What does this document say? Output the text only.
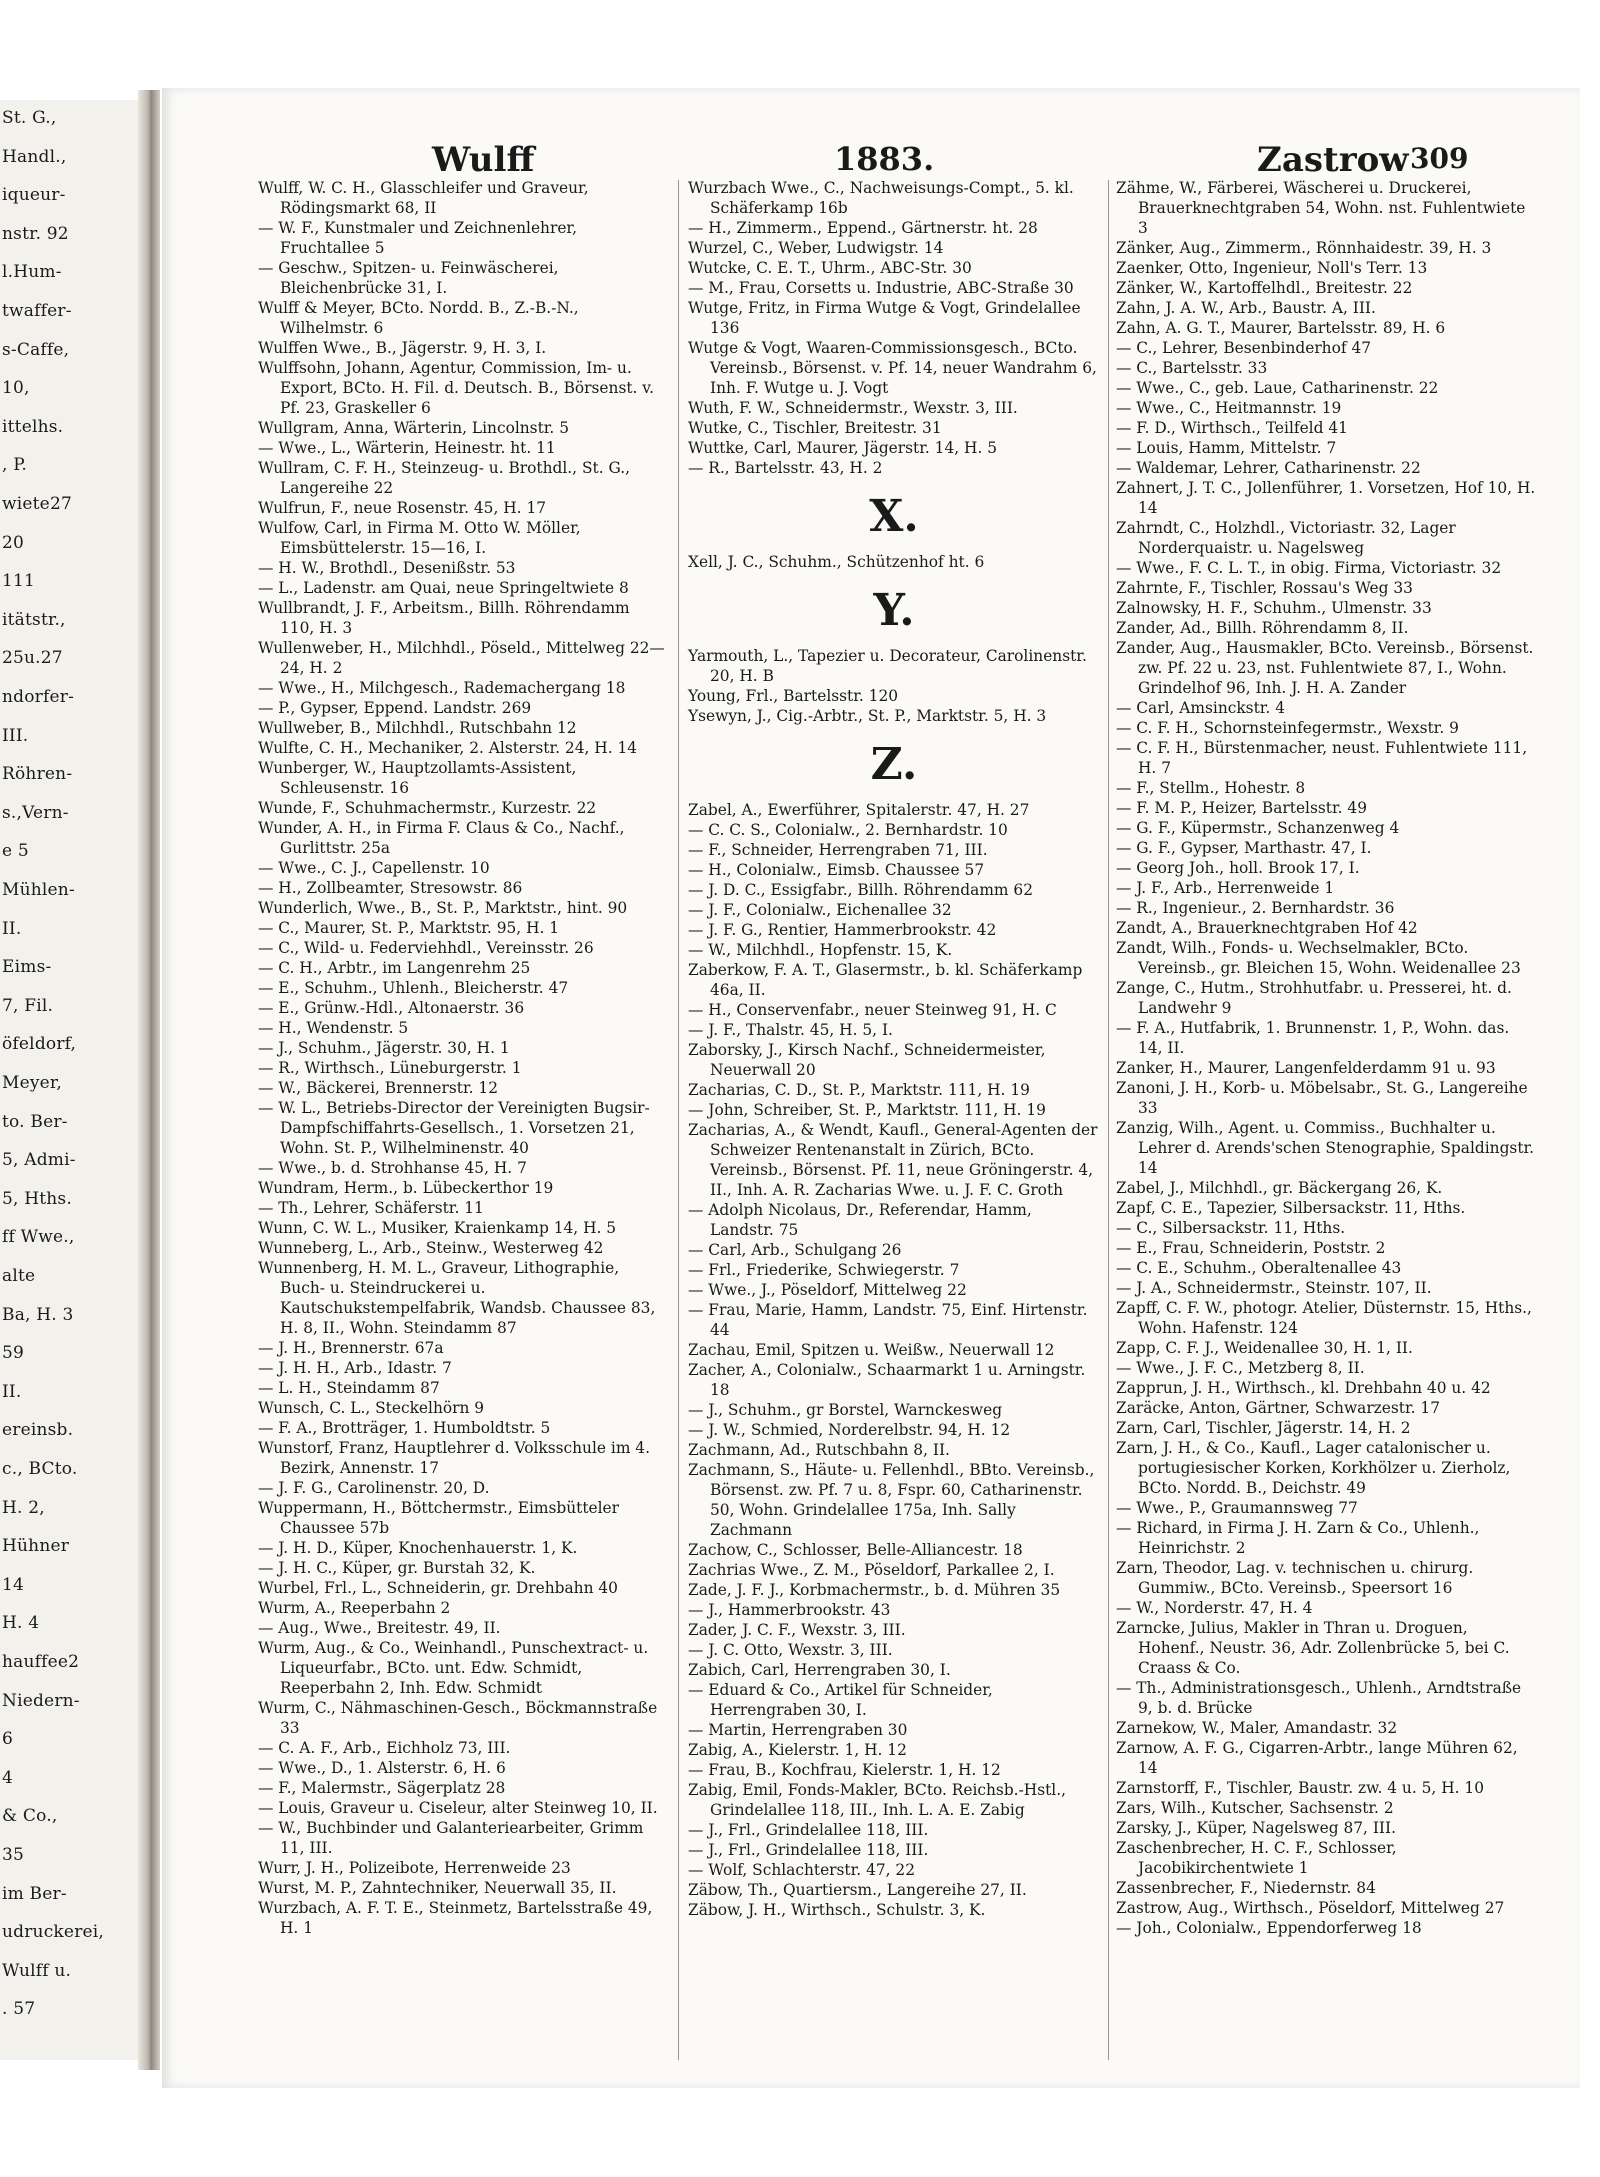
St. G.,
Handl.,
iqueur-
nstr. 92
l.Hum-
twaffer-
s-Caffe,
10,
ittelhs.
, P.
wiete27
20
111
itätstr.,
25u.27
ndorfer-
III.
Röhren-
s.,Vern-
e 5
Mühlen-
II.
Eims-
7, Fil.
öfeldorf,
Meyer,
to. Ber-
5, Admi-
5, Hths.
ff Wwe.,
alte
Ba, H. 3
59
II.
ereinsb.
c., BCto.
H. 2,
Hühner
14
H. 4
hauffee2
Niedern-
6
4
& Co.,
35
im Ber-
udruckerei,
Wulff u.
. 57
Wulff	1883.	Zastrow 309

Wulff, W. C. H., Glasschleifer und Graveur, Rödingsmarkt 68, II

— W. F., Kunstmaler und Zeichnenlehrer, Fruchtallee 5

— Geschw., Spitzen- u. Feinwäscherei, Bleichenbrücke 31, I.

Wulff & Meyer, BCto. Nordd. B., Z.-B.-N., Wilhelmstr. 6

Wulffen Wwe., B., Jägerstr. 9, H. 3, I.

Wulffsohn, Johann, Agentur, Commission, Im- u. Export, BCto. H. Fil. d. Deutsch. B., Börsenst. v. Pf. 23, Graskeller 6

Wullgram, Anna, Wärterin, Lincolnstr. 5

— Wwe., L., Wärterin, Heinestr. ht. 11

Wullram, C. F. H., Steinzeug- u. Brothdl., St. G., Langereihe 22

Wulfrun, F., neue Rosenstr. 45, H. 17

Wulfow, Carl, in Firma M. Otto W. Möller, Eimsbüttelerstr. 15—16, I.

— H. W., Brothdl., Desenißstr. 53

— L., Ladenstr. am Quai, neue Springeltwiete 8

Wullbrandt, J. F., Arbeitsm., Billh. Röhrendamm 110, H. 3

Wullenweber, H., Milchhdl., Pöseld., Mittelweg 22—24, H. 2

— Wwe., H., Milchgesch., Rademachergang 18

— P., Gypser, Eppend. Landstr. 269

Wullweber, B., Milchhdl., Rutschbahn 12

Wulfte, C. H., Mechaniker, 2. Alsterstr. 24, H. 14

Wunberger, W., Hauptzollamts-Assistent, Schleusenstr. 16

Wunde, F., Schuhmachermstr., Kurzestr. 22

Wunder, A. H., in Firma F. Claus & Co., Nachf., Gurlittstr. 25a

— Wwe., C. J., Capellenstr. 10

— H., Zollbeamter, Stresowstr. 86

Wunderlich, Wwe., B., St. P., Marktstr., hint. 90

— C., Maurer, St. P., Marktstr. 95, H. 1

— C., Wild- u. Federviehhdl., Vereinsstr. 26

— C. H., Arbtr., im Langenrehm 25

— E., Schuhm., Uhlenh., Bleicherstr. 47

— E., Grünw.-Hdl., Altonaerstr. 36

— H., Wendenstr. 5

— J., Schuhm., Jägerstr. 30, H. 1

— R., Wirthsch., Lüneburgerstr. 1

— W., Bäckerei, Brennerstr. 12

— W. L., Betriebs-Director der Vereinigten Bugsir-Dampfschiffahrts-Gesellsch., 1. Vorsetzen 21, Wohn. St. P., Wilhelminenstr. 40

— Wwe., b. d. Strohhanse 45, H. 7

Wundram, Herm., b. Lübeckerthor 19

— Th., Lehrer, Schäferstr. 11

Wunn, C. W. L., Musiker, Kraienkamp 14, H. 5

Wunneberg, L., Arb., Steinw., Westerweg 42

Wunnenberg, H. M. L., Graveur, Lithographie, Buch- u. Steindruckerei u. Kautschukstempelfabrik, Wandsb. Chaussee 83, H. 8, II., Wohn. Steindamm 87

— J. H., Brennerstr. 67a

— J. H. H., Arb., Idastr. 7

— L. H., Steindamm 87

Wunsch, C. L., Steckelhörn 9

— F. A., Brotträger, 1. Humboldtstr. 5

Wunstorf, Franz, Hauptlehrer d. Volksschule im 4. Bezirk, Annenstr. 17

— J. F. G., Carolinenstr. 20, D.

Wuppermann, H., Böttchermstr., Eimsbütteler Chaussee 57b

— J. H. D., Küper, Knochenhauerstr. 1, K.

— J. H. C., Küper, gr. Burstah 32, K.

Wurbel, Frl., L., Schneiderin, gr. Drehbahn 40

Wurm, A., Reeperbahn 2

— Aug., Wwe., Breitestr. 49, II.

Wurm, Aug., & Co., Weinhandl., Punschextract- u. Liqueurfabr., BCto. unt. Edw. Schmidt, Reeperbahn 2, Inh. Edw. Schmidt

Wurm, C., Nähmaschinen-Gesch., Böckmannstraße 33

— C. A. F., Arb., Eichholz 73, III.

— Wwe., D., 1. Alsterstr. 6, H. 6

— F., Malermstr., Sägerplatz 28

— Louis, Graveur u. Ciseleur, alter Steinweg 10, II.

— W., Buchbinder und Galanteriearbeiter, Grimm 11, III.

Wurr, J. H., Polizeibote, Herrenweide 23

Wurst, M. P., Zahntechniker, Neuerwall 35, II.

Wurzbach, A. F. T. E., Steinmetz, Bartelsstraße 49, H. 1

Wurzbach Wwe., C., Nachweisungs-Compt., 5. kl. Schäferkamp 16b

— H., Zimmerm., Eppend., Gärtnerstr. ht. 28

Wurzel, C., Weber, Ludwigstr. 14

Wutcke, C. E. T., Uhrm., ABC-Str. 30

— M., Frau, Corsetts u. Industrie, ABC-Straße 30

Wutge, Fritz, in Firma Wutge & Vogt, Grindelallee 136

Wutge & Vogt, Waaren-Commissionsgesch., BCto. Vereinsb., Börsenst. v. Pf. 14, neuer Wandrahm 6, Inh. F. Wutge u. J. Vogt

Wuth, F. W., Schneidermstr., Wexstr. 3, III.

Wutke, C., Tischler, Breitestr. 31

Wuttke, Carl, Maurer, Jägerstr. 14, H. 5

— R., Bartelsstr. 43, H. 2

X.

Xell, J. C., Schuhm., Schützenhof ht. 6

Y.

Yarmouth, L., Tapezier u. Decorateur, Carolinenstr. 20, H. B

Young, Frl., Bartelsstr. 120

Ysewyn, J., Cig.-Arbtr., St. P., Marktstr. 5, H. 3

Z.

Zabel, A., Ewerführer, Spitalerstr. 47, H. 27

— C. C. S., Colonialw., 2. Bernhardstr. 10

— F., Schneider, Herrengraben 71, III.

— H., Colonialw., Eimsb. Chaussee 57

— J. D. C., Essigfabr., Billh. Röhrendamm 62

— J. F., Colonialw., Eichenallee 32

— J. F. G., Rentier, Hammerbrookstr. 42

— W., Milchhdl., Hopfenstr. 15, K.

Zaberkow, F. A. T., Glasermstr., b. kl. Schäferkamp 46a, II.

— H., Conservenfabr., neuer Steinweg 91, H. C

— J. F., Thalstr. 45, H. 5, I.

Zaborsky, J., Kirsch Nachf., Schneidermeister, Neuerwall 20

Zacharias, C. D., St. P., Marktstr. 111, H. 19

— John, Schreiber, St. P., Marktstr. 111, H. 19

Zacharias, A., & Wendt, Kaufl., General-Agenten der Schweizer Rentenanstalt in Zürich, BCto. Vereinsb., Börsenst. Pf. 11, neue Gröningerstr. 4, II., Inh. A. R. Zacharias Wwe. u. J. F. C. Groth

— Adolph Nicolaus, Dr., Referendar, Hamm, Landstr. 75

— Carl, Arb., Schulgang 26

— Frl., Friederike, Schwiegerstr. 7

— Wwe., J., Pöseldorf, Mittelweg 22

— Frau, Marie, Hamm, Landstr. 75, Einf. Hirtenstr. 44

Zachau, Emil, Spitzen u. Weißw., Neuerwall 12

Zacher, A., Colonialw., Schaarmarkt 1 u. Arningstr. 18

— J., Schuhm., gr Borstel, Warnckesweg

— J. W., Schmied, Norderelbstr. 94, H. 12

Zachmann, Ad., Rutschbahn 8, II.

Zachmann, S., Häute- u. Fellenhdl., BBto. Vereinsb., Börsenst. zw. Pf. 7 u. 8, Fspr. 60, Catharinenstr. 50, Wohn. Grindelallee 175a, Inh. Sally Zachmann

Zachow, C., Schlosser, Belle-Alliancestr. 18

Zachrias Wwe., Z. M., Pöseldorf, Parkallee 2, I.

Zade, J. F. J., Korbmachermstr., b. d. Mühren 35

— J., Hammerbrookstr. 43

Zader, J. C. F., Wexstr. 3, III.

— J. C. Otto, Wexstr. 3, III.

Zabich, Carl, Herrengraben 30, I.

— Eduard & Co., Artikel für Schneider, Herrengraben 30, I.

— Martin, Herrengraben 30

Zabig, A., Kielerstr. 1, H. 12

— Frau, B., Kochfrau, Kielerstr. 1, H. 12

Zabig, Emil, Fonds-Makler, BCto. Reichsb.-Hstl., Grindelallee 118, III., Inh. L. A. E. Zabig

— J., Frl., Grindelallee 118, III.

— J., Frl., Grindelallee 118, III.

— Wolf, Schlachterstr. 47, 22

Zäbow, Th., Quartiersm., Langereihe 27, II.

Zäbow, J. H., Wirthsch., Schulstr. 3, K.

Zähme, W., Färberei, Wäscherei u. Druckerei, Brauerknechtgraben 54, Wohn. nst. Fuhlentwiete 3

Zänker, Aug., Zimmerm., Rönnhaidestr. 39, H. 3

Zaenker, Otto, Ingenieur, Noll's Terr. 13

Zänker, W., Kartoffelhdl., Breitestr. 22

Zahn, J. A. W., Arb., Baustr. A, III.

Zahn, A. G. T., Maurer, Bartelsstr. 89, H. 6

— C., Lehrer, Besenbinderhof 47

— C., Bartelsstr. 33

— Wwe., C., geb. Laue, Catharinenstr. 22

— Wwe., C., Heitmannstr. 19

— F. D., Wirthsch., Teilfeld 41

— Louis, Hamm, Mittelstr. 7

— Waldemar, Lehrer, Catharinenstr. 22

Zahnert, J. T. C., Jollenführer, 1. Vorsetzen, Hof 10, H. 14

Zahrndt, C., Holzhdl., Victoriastr. 32, Lager Norderquaistr. u. Nagelsweg

— Wwe., F. C. L. T., in obig. Firma, Victoriastr. 32

Zahrnte, F., Tischler, Rossau's Weg 33

Zalnowsky, H. F., Schuhm., Ulmenstr. 33

Zander, Ad., Billh. Röhrendamm 8, II.

Zander, Aug., Hausmakler, BCto. Vereinsb., Börsenst. zw. Pf. 22 u. 23, nst. Fuhlentwiete 87, I., Wohn. Grindelhof 96, Inh. J. H. A. Zander

— Carl, Amsinckstr. 4

— C. F. H., Schornsteinfegermstr., Wexstr. 9

— C. F. H., Bürstenmacher, neust. Fuhlentwiete 111, H. 7

— F., Stellm., Hohestr. 8

— F. M. P., Heizer, Bartelsstr. 49

— G. F., Küpermstr., Schanzenweg 4

— G. F., Gypser, Marthastr. 47, I.

— Georg Joh., holl. Brook 17, I.

— J. F., Arb., Herrenweide 1

— R., Ingenieur., 2. Bernhardstr. 36

Zandt, A., Brauerknechtgraben Hof 42

Zandt, Wilh., Fonds- u. Wechselmakler, BCto. Vereinsb., gr. Bleichen 15, Wohn. Weidenallee 23

Zange, C., Hutm., Strohhutfabr. u. Presserei, ht. d. Landwehr 9

— F. A., Hutfabrik, 1. Brunnenstr. 1, P., Wohn. das. 14, II.

Zanker, H., Maurer, Langenfelderdamm 91 u. 93

Zanoni, J. H., Korb- u. Möbelsabr., St. G., Langereihe 33

Zanzig, Wilh., Agent. u. Commiss., Buchhalter u. Lehrer d. Arends'schen Stenographie, Spaldingstr. 14

Zabel, J., Milchhdl., gr. Bäckergang 26, K.

Zapf, C. E., Tapezier, Silbersackstr. 11, Hths.

— C., Silbersackstr. 11, Hths.

— E., Frau, Schneiderin, Poststr. 2

— C. E., Schuhm., Oberaltenallee 43

— J. A., Schneidermstr., Steinstr. 107, II.

Zapff, C. F. W., photogr. Atelier, Düsternstr. 15, Hths., Wohn. Hafenstr. 124

Zapp, C. F. J., Weidenallee 30, H. 1, II.

— Wwe., J. F. C., Metzberg 8, II.

Zapprun, J. H., Wirthsch., kl. Drehbahn 40 u. 42

Zaräcke, Anton, Gärtner, Schwarzestr. 17

Zarn, Carl, Tischler, Jägerstr. 14, H. 2

Zarn, J. H., & Co., Kaufl., Lager catalonischer u. portugiesischer Korken, Korkhölzer u. Zierholz, BCto. Nordd. B., Deichstr. 49

— Wwe., P., Graumannsweg 77

— Richard, in Firma J. H. Zarn & Co., Uhlenh., Heinrichstr. 2

Zarn, Theodor, Lag. v. technischen u. chirurg. Gummiw., BCto. Vereinsb., Speersort 16

— W., Norderstr. 47, H. 4

Zarncke, Julius, Makler in Thran u. Droguen, Hohenf., Neustr. 36, Adr. Zollenbrücke 5, bei C. Craass & Co.

— Th., Administrationsgesch., Uhlenh., Arndtstraße 9, b. d. Brücke

Zarnekow, W., Maler, Amandastr. 32

Zarnow, A. F. G., Cigarren-Arbtr., lange Mühren 62, 14

Zarnstorff, F., Tischler, Baustr. zw. 4 u. 5, H. 10

Zars, Wilh., Kutscher, Sachsenstr. 2

Zarsky, J., Küper, Nagelsweg 87, III.

Zaschenbrecher, H. C. F., Schlosser, Jacobikirchentwiete 1

Zassenbrecher, F., Niedernstr. 84

Zastrow, Aug., Wirthsch., Pöseldorf, Mittelweg 27

— Joh., Colonialw., Eppendorferweg 18
